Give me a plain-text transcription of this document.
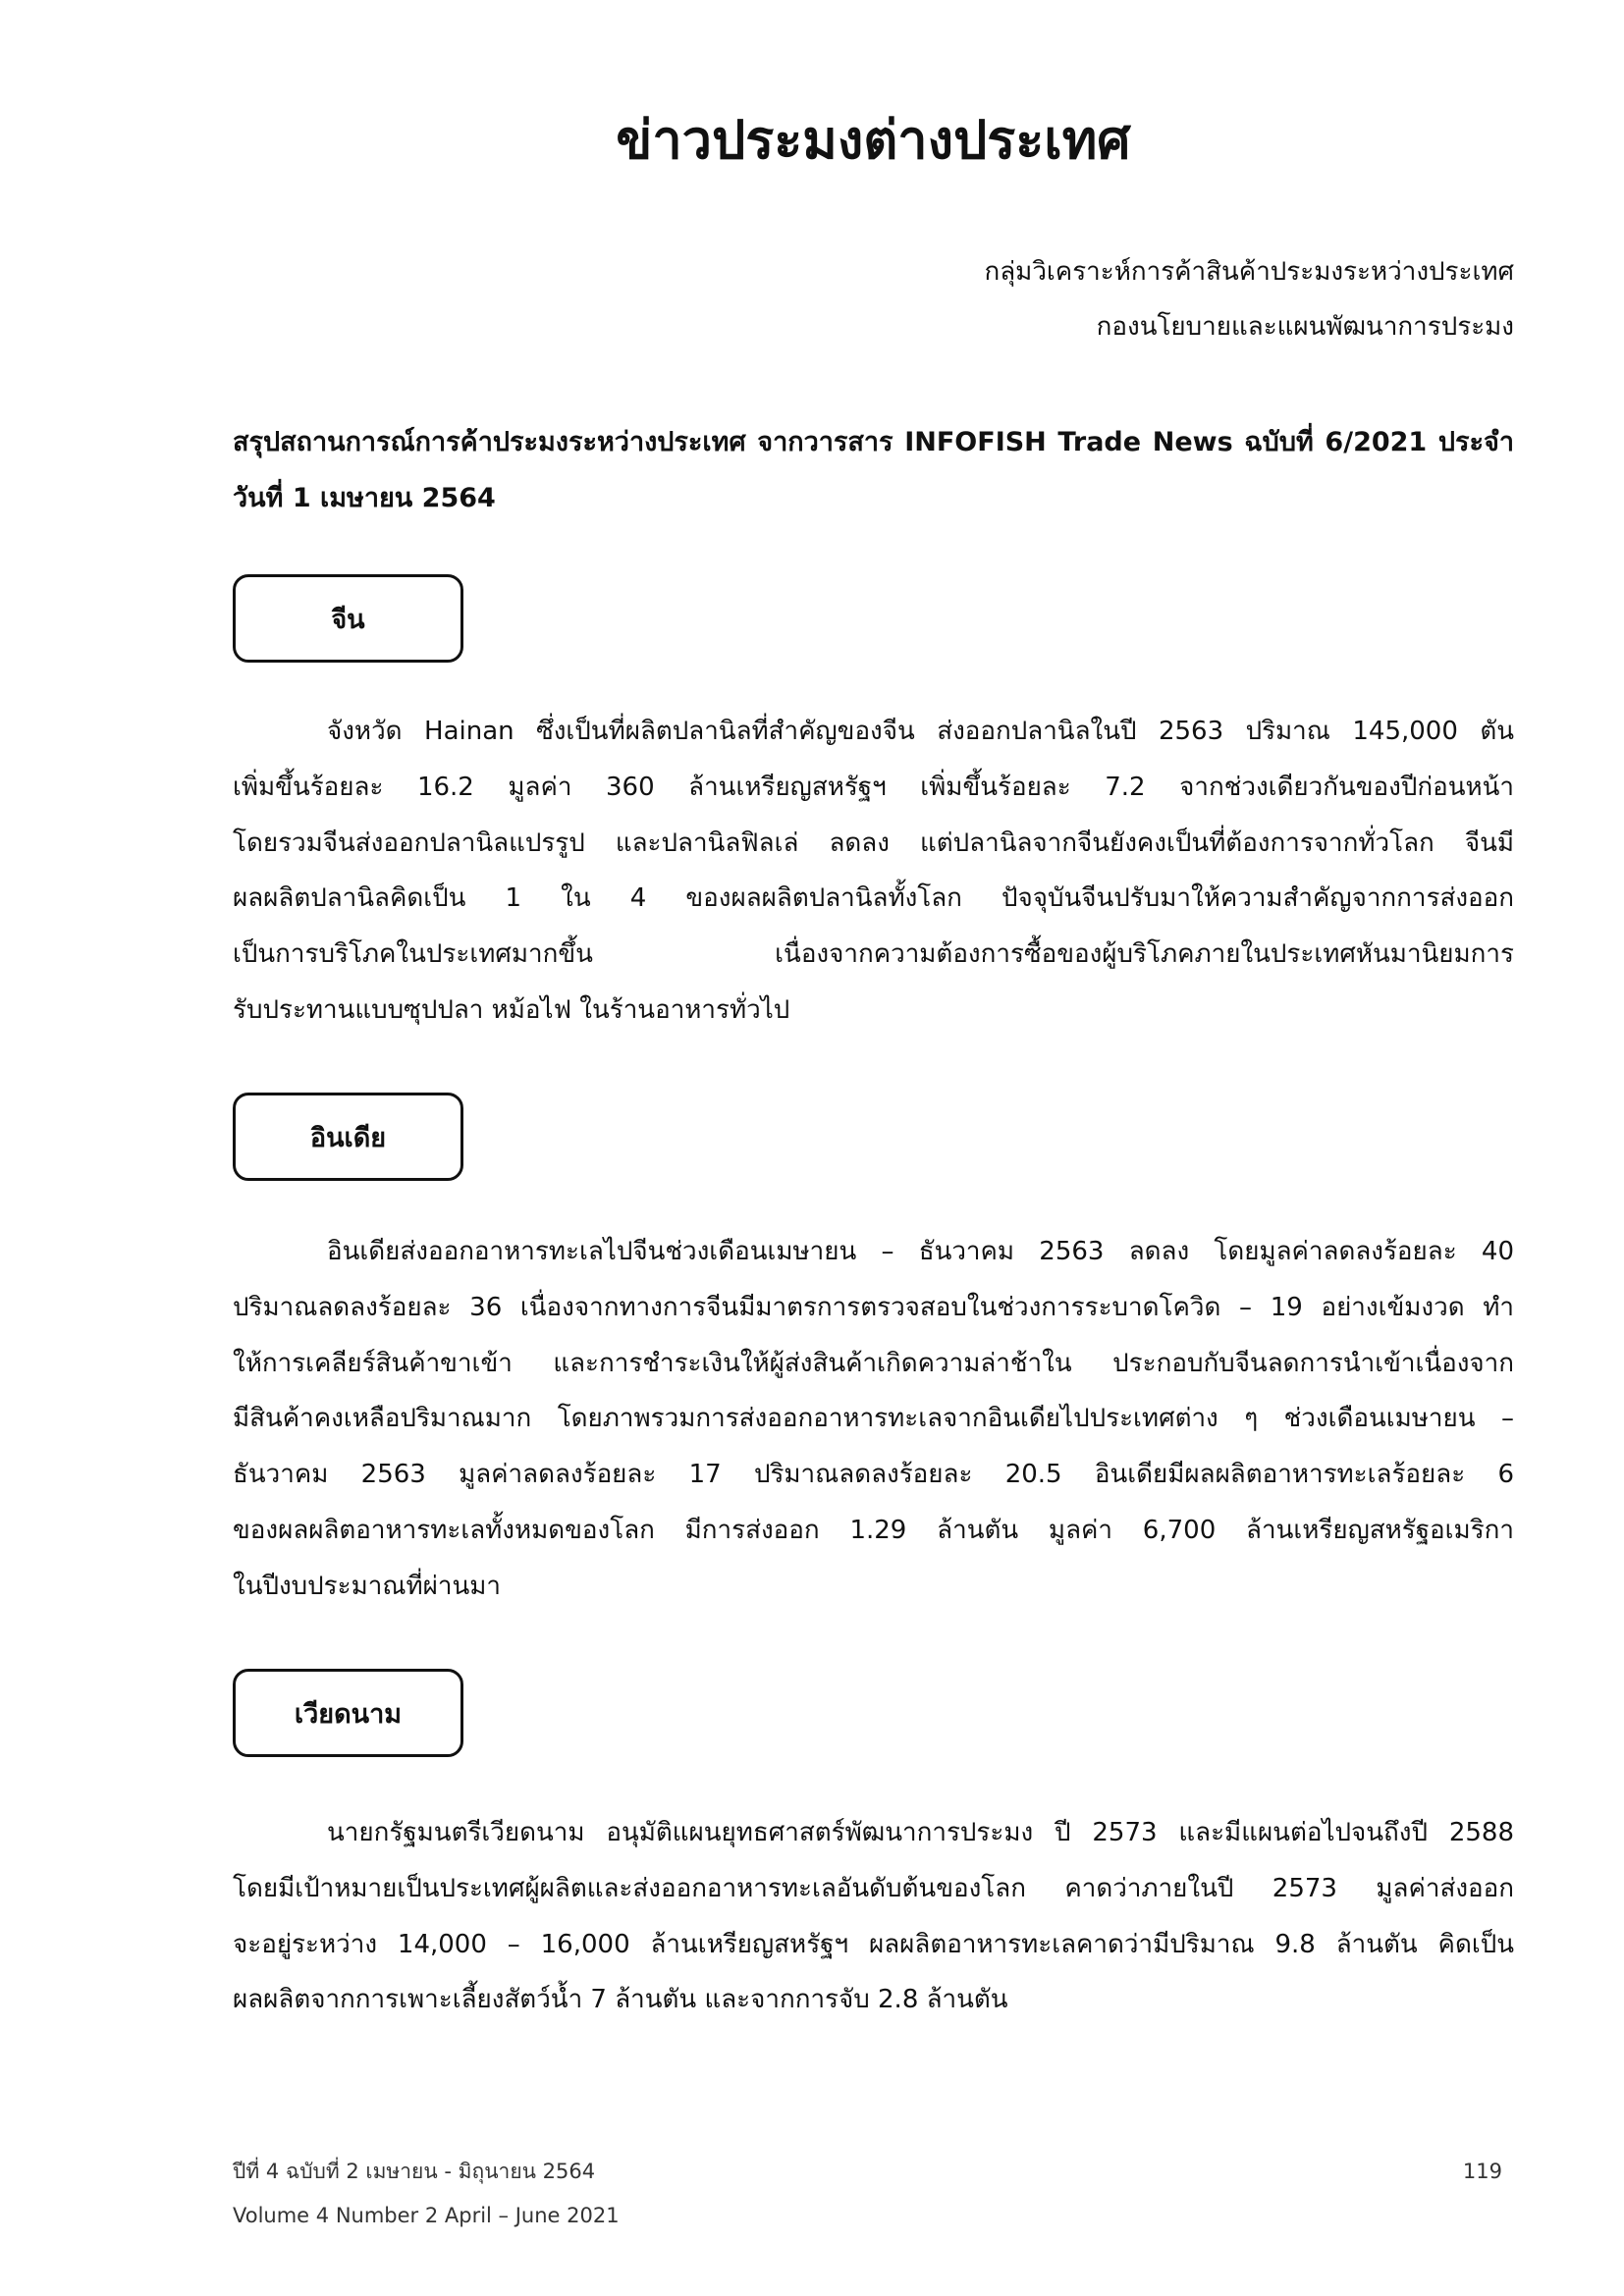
ข่าวประมงต่างประเทศ
กลุ่มวิเคราะห์การค้าสินค้าประมงระหว่างประเทศ
กองนโยบายและแผนพัฒนาการประมง
สรุปสถานการณ์การค้าประมงระหว่างประเทศ จากวารสาร INFOFISH Trade News ฉบับที่ 6/2021 ประจำ
วันที่ 1 เมษายน 2564
จีน
จังหวัด Hainan ซึ่งเป็นที่ผลิตปลานิลที่สำคัญของจีน ส่งออกปลานิลในปี 2563 ปริมาณ 145,000 ตัน
เพิ่มขึ้นร้อยละ 16.2 มูลค่า 360 ล้านเหรียญสหรัฐฯ เพิ่มขึ้นร้อยละ 7.2 จากช่วงเดียวกันของปีก่อนหน้า
โดยรวมจีนส่งออกปลานิลแปรรูป และปลานิลฟิลเล่ ลดลง แต่ปลานิลจากจีนยังคงเป็นที่ต้องการจากทั่วโลก จีนมี
ผลผลิตปลานิลคิดเป็น 1 ใน 4 ของผลผลิตปลานิลทั้งโลก ปัจจุบันจีนปรับมาให้ความสำคัญจากการส่งออก
เป็นการบริโภคในประเทศมากขึ้น เนื่องจากความต้องการซื้อของผู้บริโภคภายในประเทศหันมานิยมการ
รับประทานแบบซุปปลา หม้อไฟ ในร้านอาหารทั่วไป
อินเดีย
อินเดียส่งออกอาหารทะเลไปจีนช่วงเดือนเมษายน – ธันวาคม 2563 ลดลง โดยมูลค่าลดลงร้อยละ 40
ปริมาณลดลงร้อยละ 36 เนื่องจากทางการจีนมีมาตรการตรวจสอบในช่วงการระบาดโควิด – 19 อย่างเข้มงวด ทำ
ให้การเคลียร์สินค้าขาเข้า และการชำระเงินให้ผู้ส่งสินค้าเกิดความล่าช้าใน ประกอบกับจีนลดการนำเข้าเนื่องจาก
มีสินค้าคงเหลือปริมาณมาก โดยภาพรวมการส่งออกอาหารทะเลจากอินเดียไปประเทศต่าง ๆ ช่วงเดือนเมษายน –
ธันวาคม 2563 มูลค่าลดลงร้อยละ 17 ปริมาณลดลงร้อยละ 20.5 อินเดียมีผลผลิตอาหารทะเลร้อยละ 6
ของผลผลิตอาหารทะเลทั้งหมดของโลก มีการส่งออก 1.29 ล้านตัน มูลค่า 6,700 ล้านเหรียญสหรัฐอเมริกา
ในปีงบประมาณที่ผ่านมา
เวียดนาม
นายกรัฐมนตรีเวียดนาม อนุมัติแผนยุทธศาสตร์พัฒนาการประมง ปี 2573 และมีแผนต่อไปจนถึงปี 2588
โดยมีเป้าหมายเป็นประเทศผู้ผลิตและส่งออกอาหารทะเลอันดับต้นของโลก คาดว่าภายในปี 2573 มูลค่าส่งออก
จะอยู่ระหว่าง 14,000 – 16,000 ล้านเหรียญสหรัฐฯ ผลผลิตอาหารทะเลคาดว่ามีปริมาณ 9.8 ล้านตัน คิดเป็น
ผลผลิตจากการเพาะเลี้ยงสัตว์น้ำ 7 ล้านตัน และจากการจับ 2.8 ล้านตัน
ปีที่ 4 ฉบับที่ 2 เมษายน - มิถุนายน 2564
Volume 4 Number 2 April – June 2021
119
